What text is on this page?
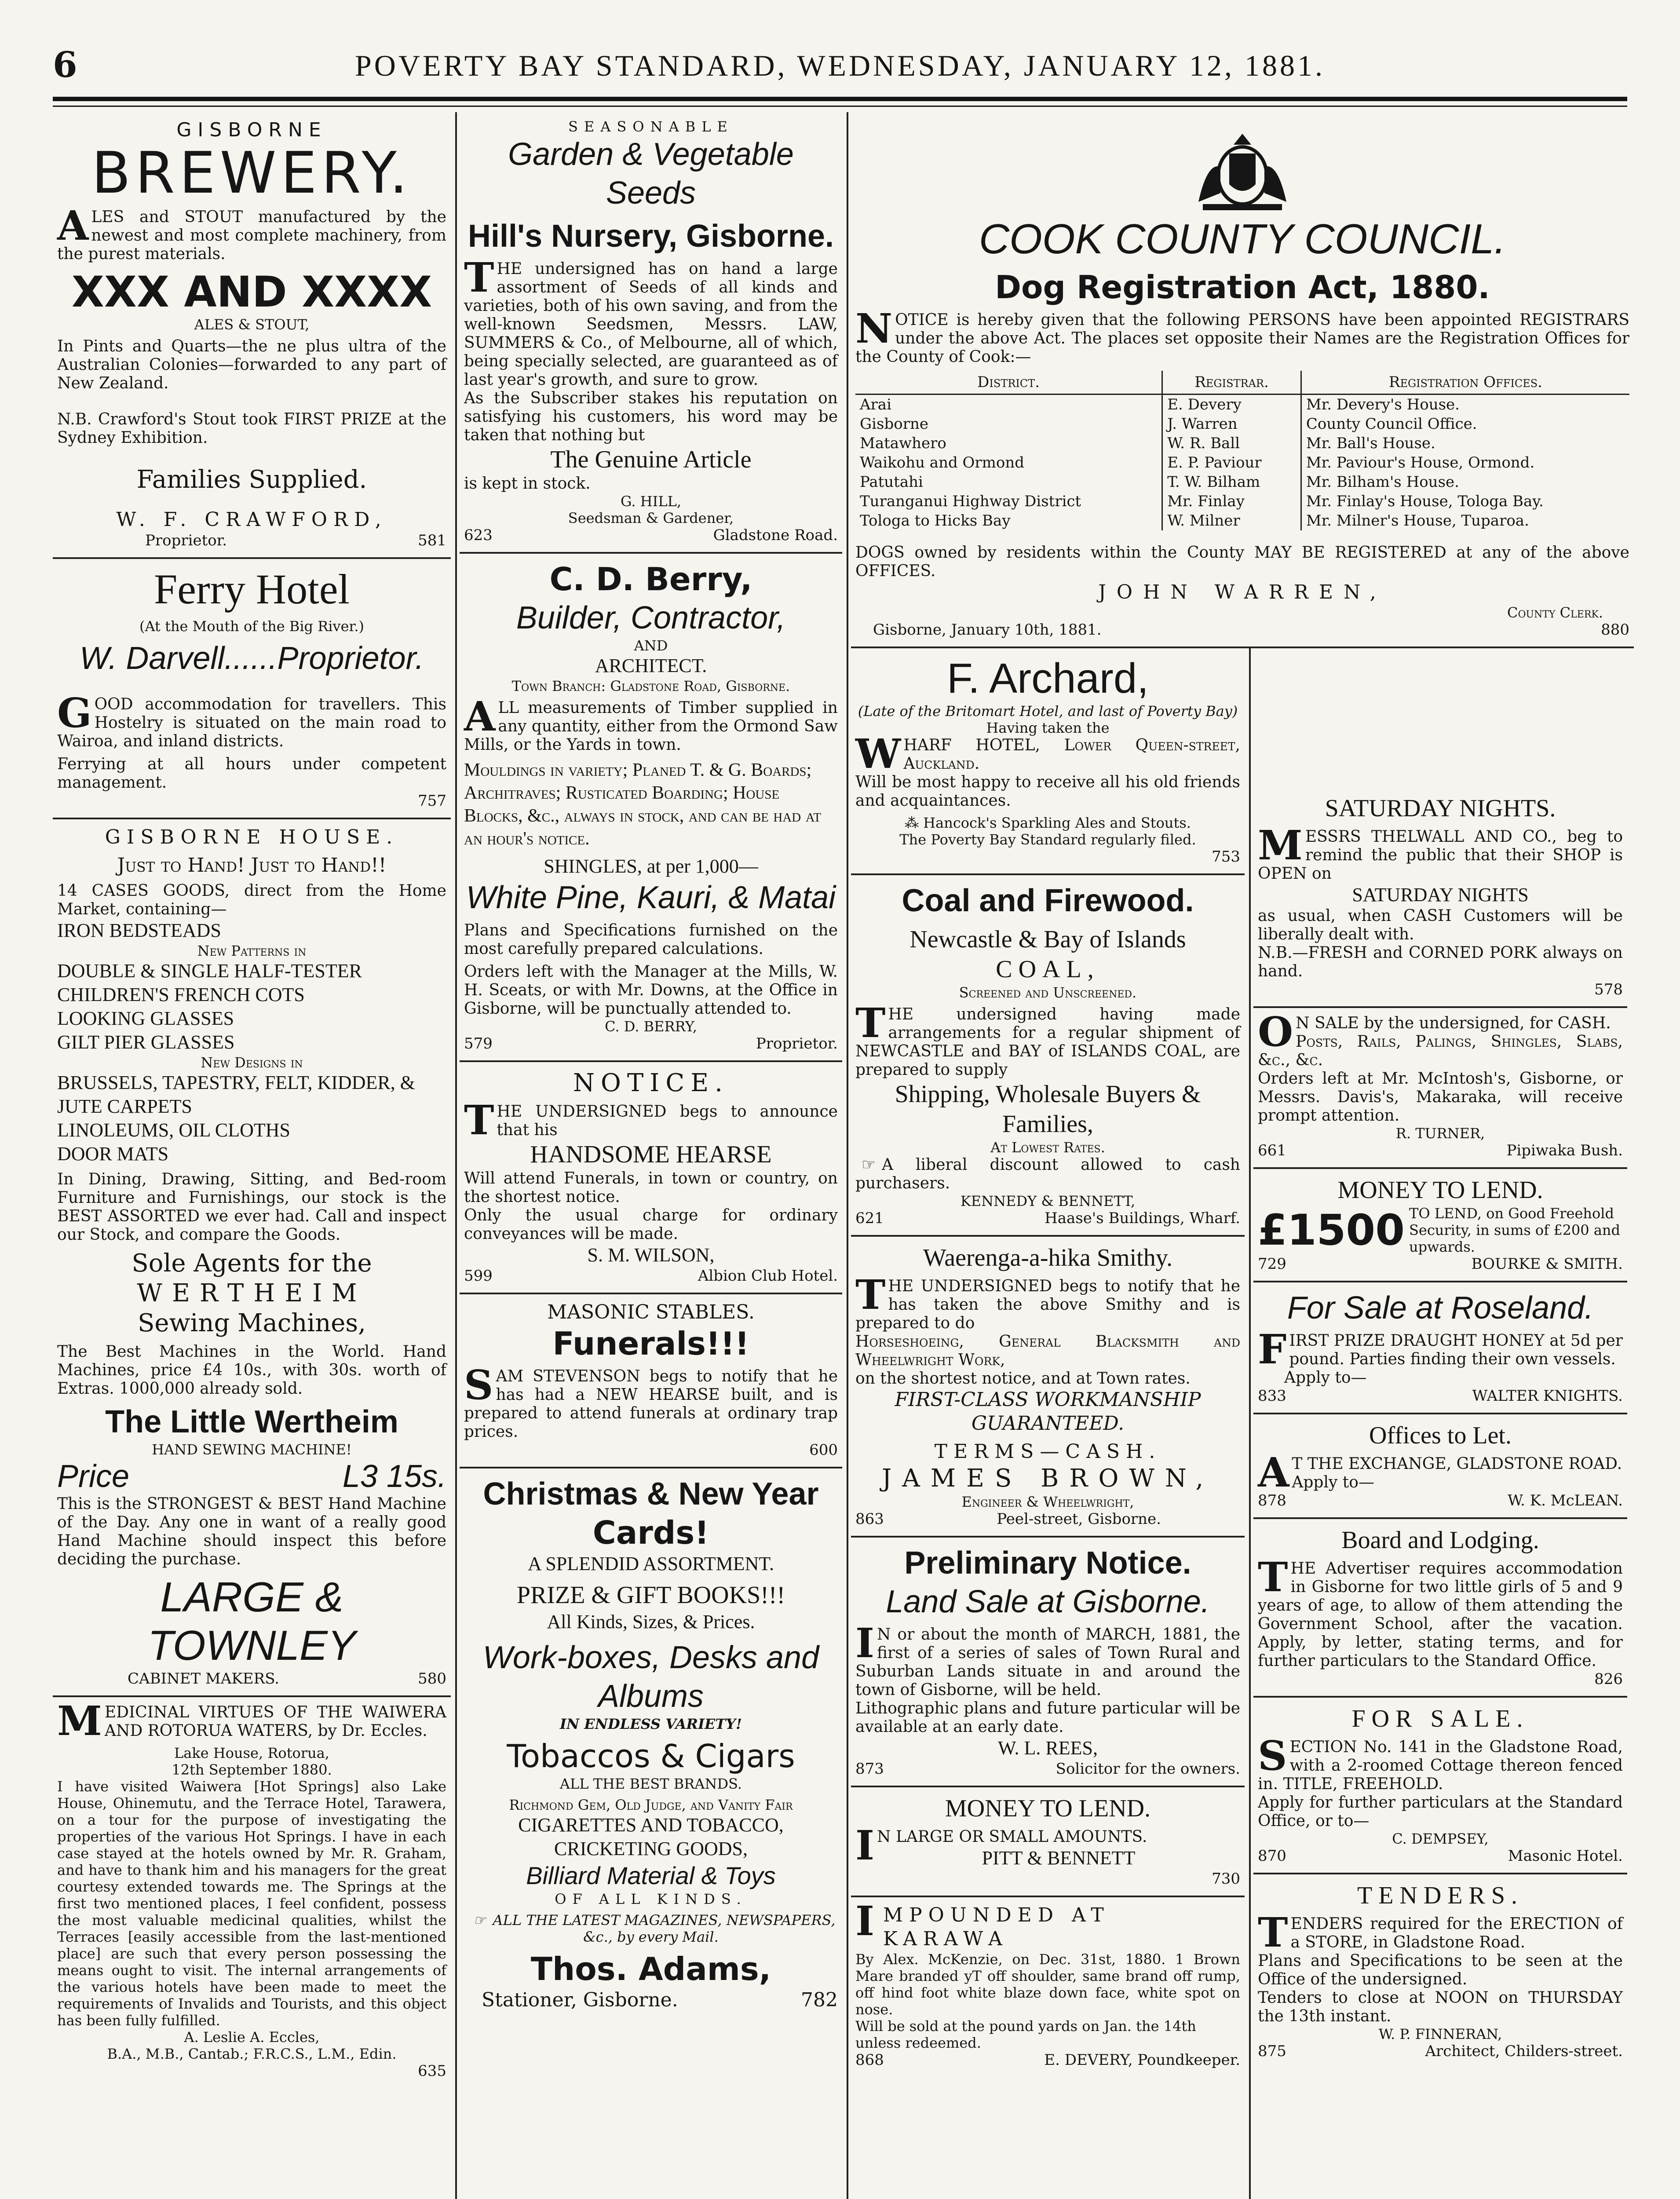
6	POVERTY BAY STANDARD, WEDNESDAY, JANUARY 12, 1881.
GISBORNE
BREWERY.
ALES and STOUT manufactured by the newest and most complete machinery, from the purest materials.
XXX AND XXXX
ALES & STOUT,
In Pints and Quarts—the ne plus ultra of the Australian Colonies—forwarded to any part of New Zealand.
N.B. Crawford's Stout took FIRST PRIZE at the Sydney Exhibition.
Families Supplied.
W. F. CRAWFORD,
Proprietor.	581
Ferry Hotel
(At the Mouth of the Big River.)
W. Darvell......Proprietor.
GOOD accommodation for travellers. This Hostelry is situated on the main road to Wairoa, and inland districts.
Ferrying at all hours under competent management.
757
GISBORNE HOUSE.
Just to Hand! Just to Hand!!
14 CASES GOODS, direct from the Home Market, containing—
IRON BEDSTEADS
New Patterns in
DOUBLE & SINGLE HALF-TESTER
CHILDREN'S FRENCH COTS
LOOKING GLASSES
GILT PIER GLASSES
New Designs in
BRUSSELS, TAPESTRY, FELT, KIDDER, & JUTE CARPETS
LINOLEUMS, OIL CLOTHS
DOOR MATS
In Dining, Drawing, Sitting, and Bed-room Furniture and Furnishings, our stock is the BEST ASSORTED we ever had. Call and inspect our Stock, and compare the Goods.
Sole Agents for the
WERTHEIM
Sewing Machines,
The Best Machines in the World. Hand Machines, price £4 10s., with 30s. worth of Extras. 1000,000 already sold.
The Little Wertheim
HAND SEWING MACHINE!
Price	L3 15s.
This is the STRONGEST & BEST Hand Machine of the Day. Any one in want of a really good Hand Machine should inspect this before deciding the purchase.
LARGE & TOWNLEY
CABINET MAKERS.	580
MEDICINAL VIRTUES OF THE WAIWERA AND ROTORUA WATERS, by Dr. Eccles.
Lake House, Rotorua,
12th September 1880.
I have visited Waiwera [Hot Springs] also Lake House, Ohinemutu, and the Terrace Hotel, Tarawera, on a tour for the purpose of investigating the properties of the various Hot Springs. I have in each case stayed at the hotels owned by Mr. R. Graham, and have to thank him and his managers for the great courtesy extended towards me. The Springs at the first two mentioned places, I feel confident, possess the most valuable medicinal qualities, whilst the Terraces [easily accessible from the last-mentioned place] are such that every person possessing the means ought to visit. The internal arrangements of the various hotels have been made to meet the requirements of Invalids and Tourists, and this object has been fully fulfilled.
A. Leslie A. Eccles,
B.A., M.B., Cantab.; F.R.C.S., L.M., Edin.
635
SEASONABLE
Garden & Vegetable Seeds
Hill's Nursery, Gisborne.
THE undersigned has on hand a large assortment of Seeds of all kinds and varieties, both of his own saving, and from the well-known Seedsmen, Messrs. LAW, SUMMERS & Co., of Melbourne, all of which, being specially selected, are guaranteed as of last year's growth, and sure to grow.
As the Subscriber stakes his reputation on satisfying his customers, his word may be taken that nothing but
The Genuine Article
is kept in stock.
G. HILL,
Seedsman & Gardener,
623	Gladstone Road.
C. D. Berry,
Builder, Contractor,
AND
ARCHITECT.
Town Branch: Gladstone Road, Gisborne.
ALL measurements of Timber supplied in any quantity, either from the Ormond Saw Mills, or the Yards in town.
Mouldings in variety; Planed T. & G. Boards; Architraves; Rusticated Boarding; House Blocks, &c., always in stock, and can be had at an hour's notice.
SHINGLES, at per 1,000—
White Pine, Kauri, & Matai
Plans and Specifications furnished on the most carefully prepared calculations.
Orders left with the Manager at the Mills, W. H. Sceats, or with Mr. Downs, at the Office in Gisborne, will be punctually attended to.
C. D. BERRY,
579	Proprietor.
NOTICE.
THE UNDERSIGNED begs to announce that his
HANDSOME HEARSE
Will attend Funerals, in town or country, on the shortest notice.
Only the usual charge for ordinary conveyances will be made.
S. M. WILSON,
599	Albion Club Hotel.
MASONIC STABLES.
Funerals!!!
SAM STEVENSON begs to notify that he has had a NEW HEARSE built, and is prepared to attend funerals at ordinary trap prices.
600
Christmas & New Year
Cards!
A SPLENDID ASSORTMENT.
PRIZE & GIFT BOOKS!!!
All Kinds, Sizes, & Prices.
Work-boxes, Desks and Albums
IN ENDLESS VARIETY!
Tobaccos & Cigars
ALL THE BEST BRANDS.
Richmond Gem, Old Judge, and Vanity Fair
CIGARETTES AND TOBACCO,
CRICKETING GOODS,
Billiard Material & Toys
OF ALL KINDS.
☞ ALL THE LATEST MAGAZINES, NEWSPAPERS, &c., by every Mail.
Thos. Adams,
Stationer, Gisborne.	782
COOK COUNTY COUNCIL.
Dog Registration Act, 1880.
NOTICE is hereby given that the following PERSONS have been appointed REGISTRARS under the above Act. The places set opposite their Names are the Registration Offices for the County of Cook:—
District.	Registrar.	Registration Offices.
Arai	E. Devery	Mr. Devery's House.
Gisborne	J. Warren	County Council Office.
Matawhero	W. R. Ball	Mr. Ball's House.
Waikohu and Ormond	E. P. Paviour	Mr. Paviour's House, Ormond.
Patutahi	T. W. Bilham	Mr. Bilham's House.
Turanganui Highway District	Mr. Finlay	Mr. Finlay's House, Tologa Bay.
Tologa to Hicks Bay	W. Milner	Mr. Milner's House, Tuparoa.
DOGS owned by residents within the County MAY BE REGISTERED at any of the above OFFICES.
JOHN WARREN,
County Clerk.
Gisborne, January 10th, 1881.	880
F. Archard,
(Late of the Britomart Hotel, and last of Poverty Bay)
Having taken the
WHARF HOTEL, Lower Queen-street, Auckland.
Will be most happy to receive all his old friends and acquaintances.
⁂ Hancock's Sparkling Ales and Stouts.
The Poverty Bay Standard regularly filed.
753
Coal and Firewood.
Newcastle & Bay of Islands
COAL,
Screened and Unscreened.
THE undersigned having made arrangements for a regular shipment of NEWCASTLE and BAY of ISLANDS COAL, are prepared to supply
Shipping, Wholesale Buyers & Families,
At Lowest Rates.
☞ A liberal discount allowed to cash purchasers.
KENNEDY & BENNETT,
621	Haase's Buildings, Wharf.
Waerenga-a-hika Smithy.
THE UNDERSIGNED begs to notify that he has taken the above Smithy and is prepared to do
Horseshoeing, General Blacksmith and Wheelwright Work,
on the shortest notice, and at Town rates.
FIRST-CLASS WORKMANSHIP GUARANTEED.
TERMS—CASH.
JAMES BROWN,
Engineer & Wheelwright,
863	Peel-street, Gisborne.
Preliminary Notice.
Land Sale at Gisborne.
IN or about the month of MARCH, 1881, the first of a series of sales of Town Rural and Suburban Lands situate in and around the town of Gisborne, will be held.
Lithographic plans and future particular will be available at an early date.
W. L. REES,
873	Solicitor for the owners.
MONEY TO LEND.
IN LARGE OR SMALL AMOUNTS.
PITT & BENNETT
730
IMPOUNDED AT KARAWA
By Alex. McKenzie, on Dec. 31st, 1880. 1 Brown Mare branded yT off shoulder, same brand off rump, off hind foot white blaze down face, white spot on nose.
Will be sold at the pound yards on Jan. the 14th unless redeemed.
868	E. DEVERY, Poundkeeper.
SATURDAY NIGHTS.
MESSRS THELWALL AND CO., beg to remind the public that their SHOP is OPEN on
SATURDAY NIGHTS
as usual, when CASH Customers will be liberally dealt with.
N.B.—FRESH and CORNED PORK always on hand.
578
ON SALE by the undersigned, for CASH.
Posts, Rails, Palings, Shingles, Slabs, &c., &c.
Orders left at Mr. McIntosh's, Gisborne, or Messrs. Davis's, Makaraka, will receive prompt attention.
R. TURNER,
661	Pipiwaka Bush.
MONEY TO LEND.
£1500 TO LEND, on Good Freehold Security, in sums of £200 and upwards.
729	BOURKE & SMITH.
For Sale at Roseland.
FIRST PRIZE DRAUGHT HONEY at 5d per pound. Parties finding their own vessels.
Apply to—
833	WALTER KNIGHTS.
Offices to Let.
AT THE EXCHANGE, GLADSTONE ROAD.
Apply to—
878	W. K. McLEAN.
Board and Lodging.
THE Advertiser requires accommodation in Gisborne for two little girls of 5 and 9 years of age, to allow of them attending the Government School, after the vacation. Apply, by letter, stating terms, and for further particulars to the Standard Office.
826
FOR SALE.
SECTION No. 141 in the Gladstone Road, with a 2-roomed Cottage thereon fenced in. TITLE, FREEHOLD.
Apply for further particulars at the Standard Office, or to—
C. DEMPSEY,
870	Masonic Hotel.
TENDERS.
TENDERS required for the ERECTION of a STORE, in Gladstone Road.
Plans and Specifications to be seen at the Office of the undersigned.
Tenders to close at NOON on THURSDAY the 13th instant.
W. P. FINNERAN,
875	Architect, Childers-street.
